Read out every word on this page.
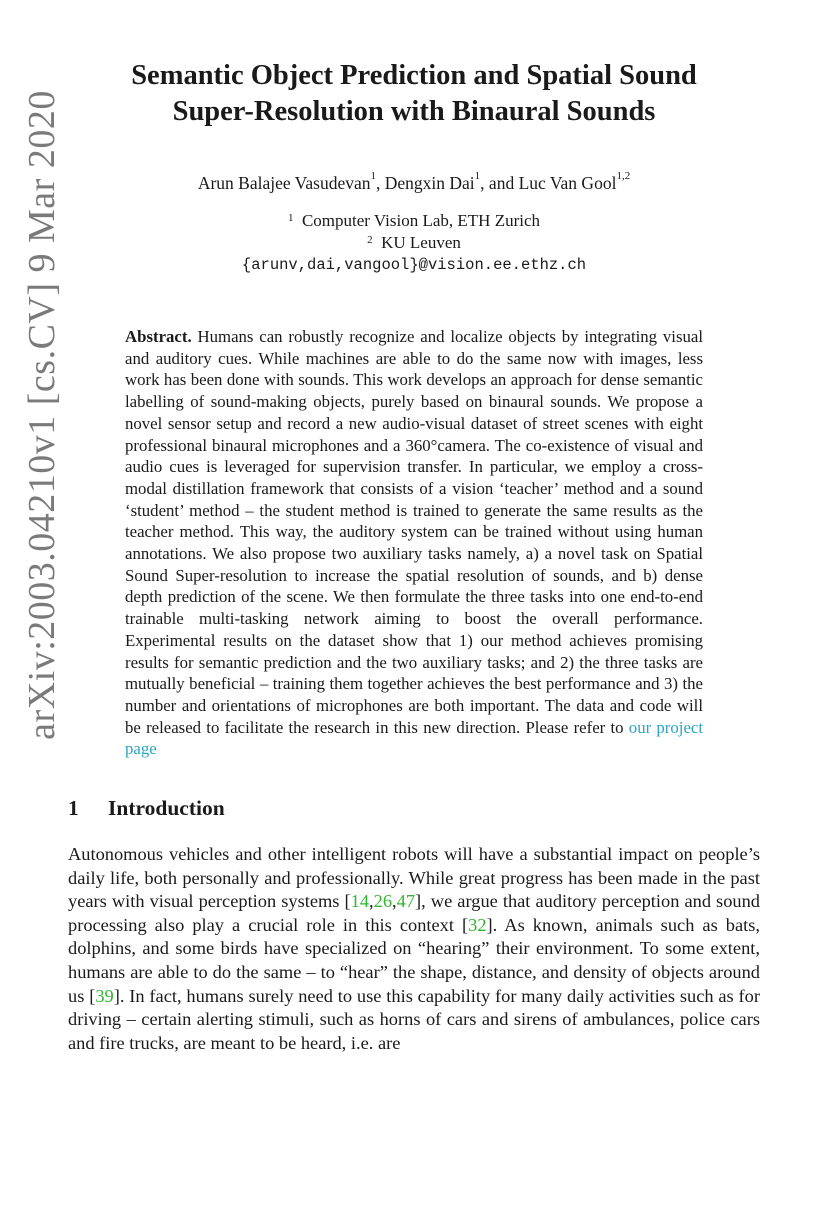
arXiv:2003.04210v1 [cs.CV] 9 Mar 2020
Semantic Object Prediction and Spatial Sound
Super-Resolution with Binaural Sounds
Arun Balajee Vasudevan$^1$, Dengxin Dai$^1$, and Luc Van Gool$^{1,2}$
$^1$ Computer Vision Lab, ETH Zurich
$^2$ KU Leuven
{arunv,dai,vangool}@vision.ee.ethz.ch
Abstract. Humans can robustly recognize and localize objects by integrating visual and auditory cues. While machines are able to do the same now with images, less work has been done with sounds. This work develops an approach for dense semantic labelling of sound-making objects, purely based on binaural sounds. We propose a novel sensor setup and record a new audio-visual dataset of street scenes with eight professional binaural microphones and a 360°camera. The co-existence of visual and audio cues is leveraged for supervision transfer. In particular, we employ a cross-modal distillation framework that consists of a vision ‘teacher’ method and a sound ‘student’ method – the student method is trained to generate the same results as the teacher method. This way, the auditory system can be trained without using human annotations. We also propose two auxiliary tasks namely, a) a novel task on Spatial Sound Super-resolution to increase the spatial resolution of sounds, and b) dense depth prediction of the scene. We then formulate the three tasks into one end-to-end trainable multi-tasking network aiming to boost the overall performance. Experimental results on the dataset show that 1) our method achieves promising results for semantic prediction and the two auxiliary tasks; and 2) the three tasks are mutually beneficial – training them together achieves the best performance and 3) the number and orientations of microphones are both important. The data and code will be released to facilitate the research in this new direction. Please refer to our project page
1	Introduction
Autonomous vehicles and other intelligent robots will have a substantial impact on people’s daily life, both personally and professionally. While great progress has been made in the past years with visual perception systems [14,26,47], we argue that auditory perception and sound processing also play a crucial role in this context [32]. As known, animals such as bats, dolphins, and some birds have specialized on “hearing” their environment. To some extent, humans are able to do the same – to “hear” the shape, distance, and density of objects around us [39]. In fact, humans surely need to use this capability for many daily activities such as for driving – certain alerting stimuli, such as horns of cars and sirens of ambulances, police cars and fire trucks, are meant to be heard, i.e. are
